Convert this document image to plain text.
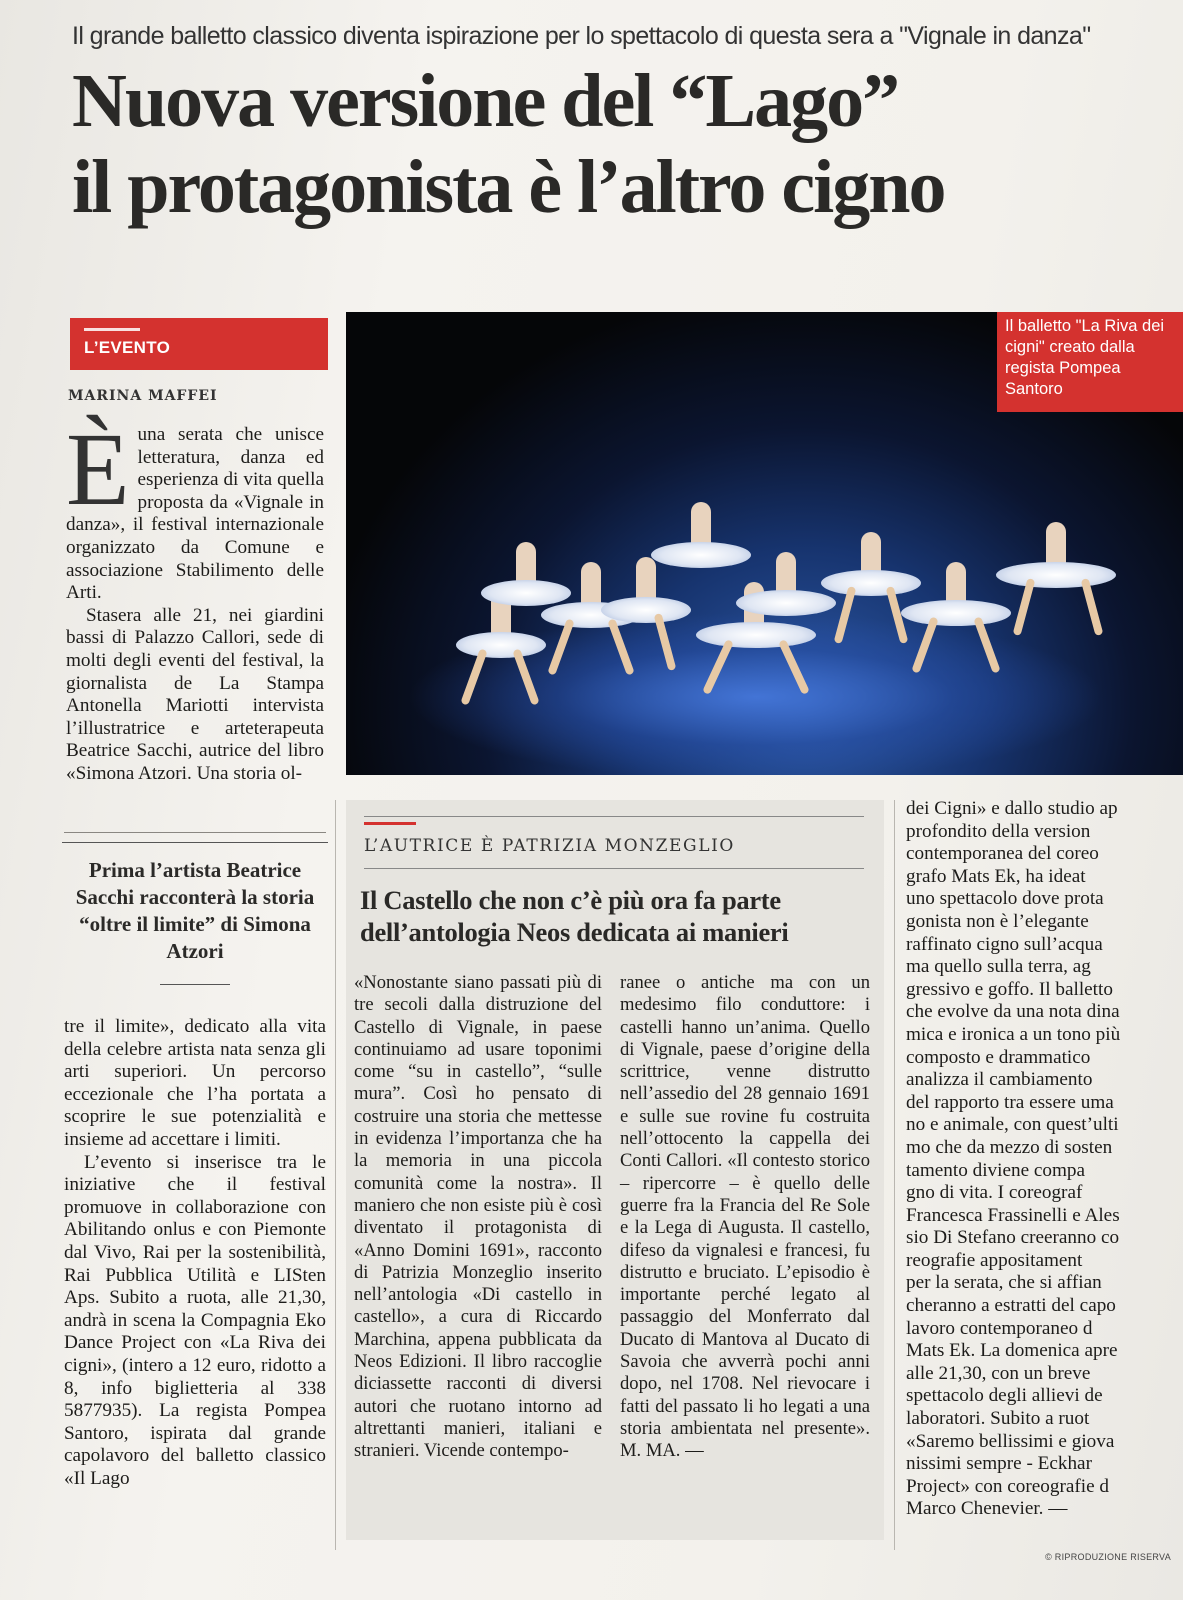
Il grande balletto classico diventa ispirazione per lo spettacolo di questa sera a "Vignale in danza"
Nuova versione del “Lago”
il protagonista è l’altro cigno
L’EVENTO
MARINA MAFFEI
È una serata che unisce letteratura, danza ed esperienza di vita quella proposta da «Vignale in danza», il festival internazionale organizzato da Comune e associazione Stabilimento delle Arti.

Stasera alle 21, nei giardini bassi di Palazzo Callori, sede di molti degli eventi del festival, la giornalista de La Stampa Antonella Mariotti intervista l’illustratrice e arteterapeuta Beatrice Sacchi, autrice del libro «Simona Atzori. Una storia ol-

Prima l’artista Beatrice Sacchi racconterà la storia “oltre il limite” di Simona Atzori

tre il limite», dedicato alla vita della celebre artista nata senza gli arti superiori. Un percorso eccezionale che l’ha portata a scoprire le sue potenzialità e insieme ad accettare i limiti.

L’evento si inserisce tra le iniziative che il festival promuove in collaborazione con Abilitando onlus e con Piemonte dal Vivo, Rai per la sostenibilità, Rai Pubblica Utilità e LISten Aps. Subito a ruota, alle 21,30, andrà in scena la Compagnia Eko Dance Project con «La Riva dei cigni», (intero a 12 euro, ridotto a 8, info biglietteria al 338 5877935). La regista Pompea Santoro, ispirata dal grande capolavoro del balletto classico «Il Lago

Il balletto "La Riva dei cigni" creato dalla regista Pompea Santoro
L’AUTRICE È PATRIZIA MONZEGLIO
Il Castello che non c’è più ora fa parte dell’antologia Neos dedicata ai manieri

«Nonostante siano passati più di tre secoli dalla distruzione del Castello di Vignale, in paese continuiamo ad usare toponimi come “su in castello”, “sulle mura”. Così ho pensato di costruire una storia che mettesse in evidenza l’importanza che ha la memoria in una piccola comunità come la nostra». Il maniero che non esiste più è così diventato il protagonista di «Anno Domini 1691», racconto di Patrizia Monzeglio inserito nell’antologia «Di castello in castello», a cura di Riccardo Marchina, appena pubblicata da Neos Edizioni. Il libro raccoglie diciassette racconti di diversi autori che ruotano intorno ad altrettanti manieri, italiani e stranieri. Vicende contempo-

ranee o antiche ma con un medesimo filo conduttore: i castelli hanno un’anima. Quello di Vignale, paese d’origine della scrittrice, venne distrutto nell’assedio del 28 gennaio 1691 e sulle sue rovine fu costruita nell’ottocento la cappella dei Conti Callori. «Il contesto storico – ripercorre – è quello delle guerre fra la Francia del Re Sole e la Lega di Augusta. Il castello, difeso da vignalesi e francesi, fu distrutto e bruciato. L’episodio è importante perché legato al passaggio del Monferrato dal Ducato di Mantova al Ducato di Savoia che avverrà pochi anni dopo, nel 1708. Nel rievocare i fatti del passato li ho legati a una storia ambientata nel presente». M. MA. —

dei Cigni» e dallo studio ap
profondito della version
contemporanea del coreo
grafo Mats Ek, ha ideat
uno spettacolo dove prota
gonista non è l’elegante
raffinato cigno sull’acqua
ma quello sulla terra, ag
gressivo e goffo. Il balletto
che evolve da una nota dina
mica e ironica a un tono più
composto e drammatico
analizza il cambiamento
del rapporto tra essere uma
no e animale, con quest’ulti
mo che da mezzo di sosten
tamento diviene compa
gno di vita. I coreograf
Francesca Frassinelli e Ales
sio Di Stefano creeranno co
reografie appositament
per la serata, che si affian
cheranno a estratti del capo
lavoro contemporaneo d
Mats Ek. La domenica apre
alle 21,30, con un breve
spettacolo degli allievi de
laboratori. Subito a ruot
«Saremo bellissimi e giova
nissimi sempre - Eckhar
Project» con coreografie d
Marco Chenevier. —
© RIPRODUZIONE RISERVA
